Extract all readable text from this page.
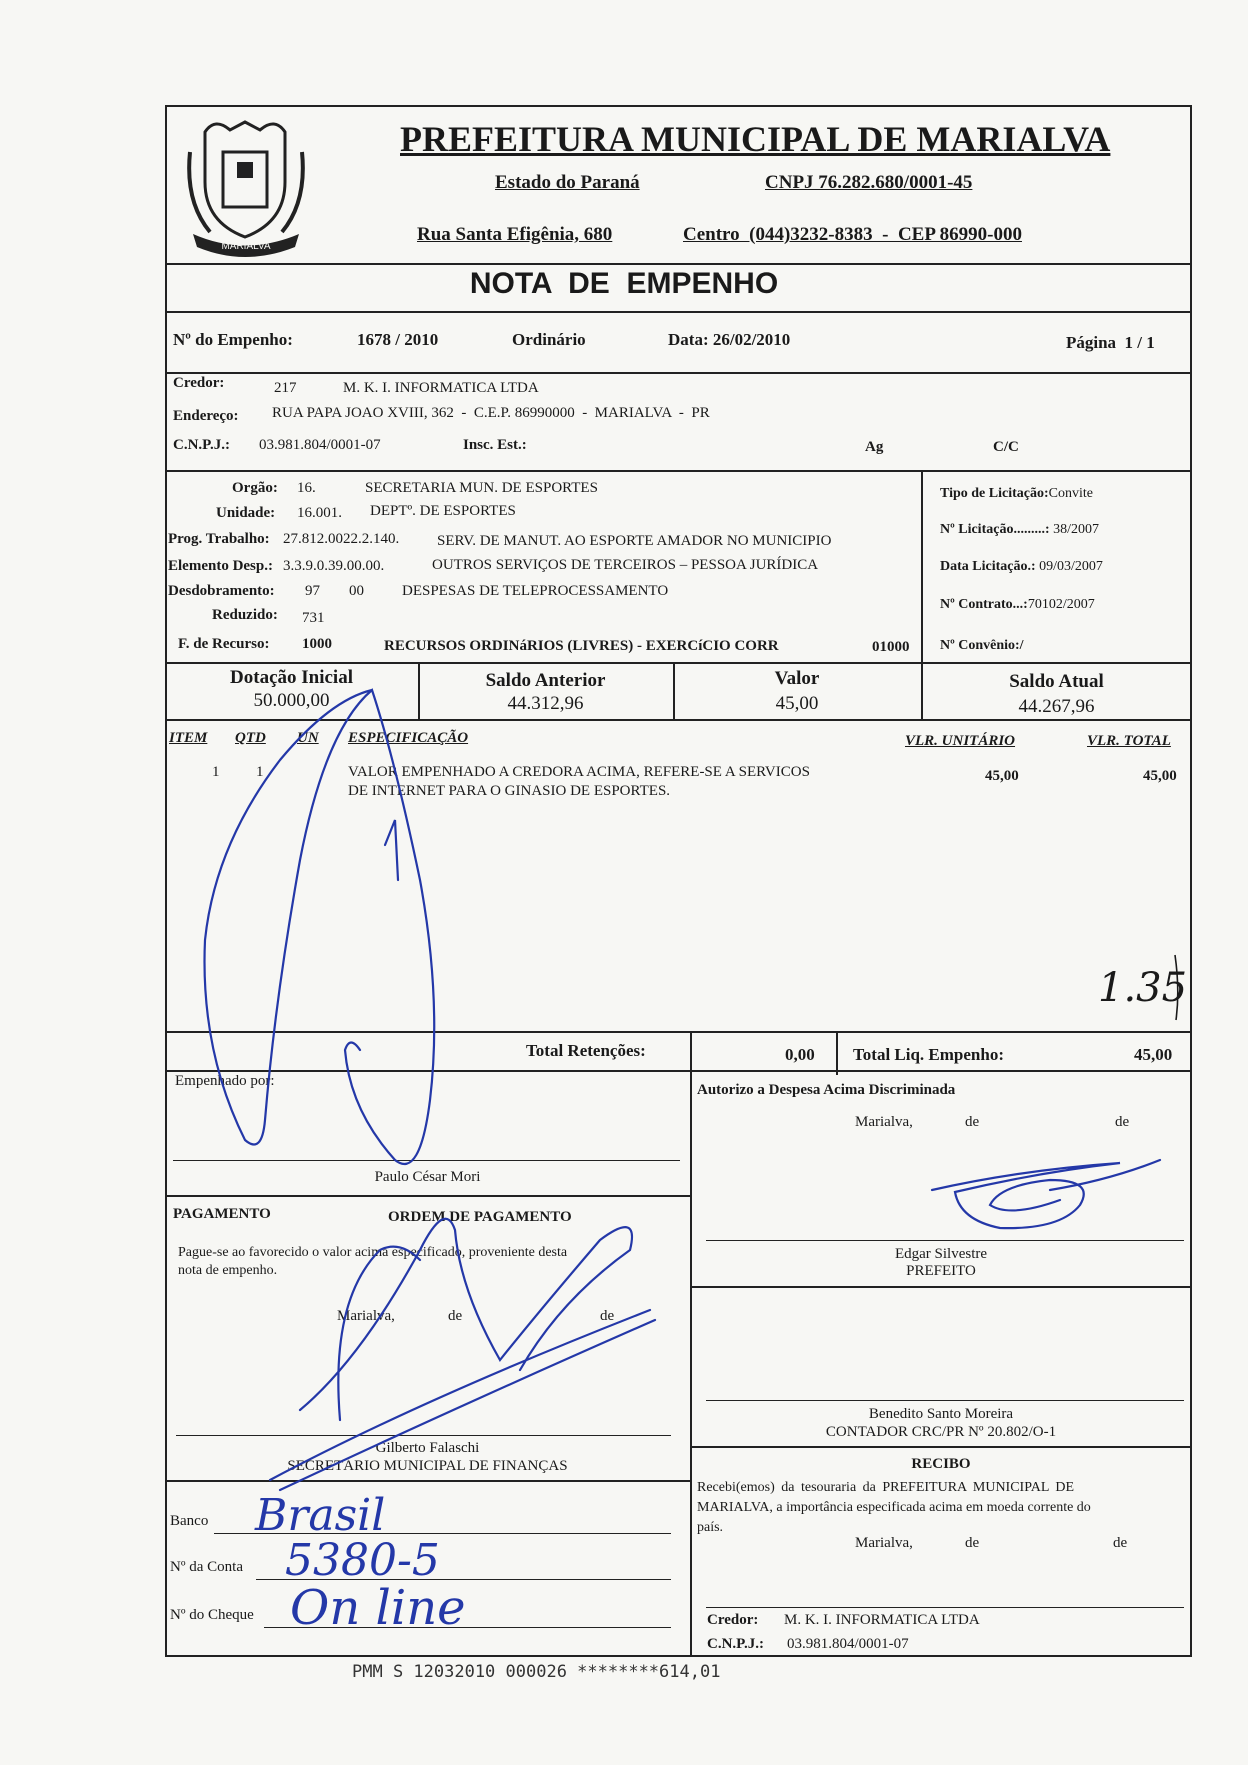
MARIALVA
PREFEITURA MUNICIPAL DE MARIALVA
Estado do Paraná	CNPJ 76.282.680/0001-45
Rua Santa Efigênia, 680	Centro  (044)3232-8383  -  CEP 86990-000
NOTA  DE  EMPENHO
Nº do Empenho:	1678 / 2010	Ordinário	Data: 26/02/2010	Página  1 / 1
Credor:	217	M. K. I. INFORMATICA LTDA
Endereço: RUA PAPA JOAO XVIII, 362  -  C.E.P. 86990000  -  MARIALVA  -  PR
C.N.P.J.: 03.981.804/0001-07	Insc. Est.:	Ag	C/C
Orgão: 16.	SECRETARIA MUN. DE ESPORTES
Unidade: 16.001. DEPTº. DE ESPORTES
Prog. Trabalho: 27.812.0022.2.140.	SERV. DE MANUT. AO ESPORTE AMADOR NO MUNICIPIO
Elemento Desp.: 3.3.9.0.39.00.00.	OUTROS SERVIÇOS DE TERCEIROS – PESSOA JURÍDICA
Desdobramento: 97 00	DESPESAS DE TELEPROCESSAMENTO
Reduzido: 731
F. de Recurso: 1000	RECURSOS ORDINáRIOS (LIVRES) - EXERCíCIO CORR	01000
Tipo de Licitação:Convite
Nº Licitação.........: 38/2007
Data Licitação.: 09/03/2007
Nº Contrato...:70102/2007
Nº Convênio:/
Dotação Inicial
50.000,00
Saldo Anterior
44.312,96
Valor
45,00
Saldo Atual
44.267,96
ITEM QTD UN ESPECIFICAÇÃO	VLR. UNITÁRIO	VLR. TOTAL
1 1	VALOR EMPENHADO A CREDORA ACIMA, REFERE-SE A SERVICOS
DE INTERNET PARA O GINASIO DE ESPORTES.
45,00	45,00
1.35
Total Retenções:	0,00 Total Liq. Empenho:	45,00
Empenhado por:
Paulo César Mori
Autorizo a Despesa Acima Discriminada
Marialva,	de	de
Edgar Silvestre
PREFEITO
PAGAMENTO	ORDEM DE PAGAMENTO
Pague-se ao favorecido o valor acima especificado, proveniente desta
nota de empenho.
Marialva,	de	de
Gilberto Falaschi
SECRETÁRIO MUNICIPAL DE FINANÇAS
Benedito Santo Moreira
CONTADOR CRC/PR Nº 20.802/O-1
RECIBO
Recebi(emos) da tesouraria da PREFEITURA MUNICIPAL DE
MARIALVA, a importância especificada acima em moeda corrente do
país.
Marialva,	de	de
Credor: M. K. I. INFORMATICA LTDA
C.N.P.J.: 03.981.804/0001-07
Banco Brasil
Nº da Conta 5380-5
Nº do Cheque On line
PMM S 12032010 000026 ********614,01
